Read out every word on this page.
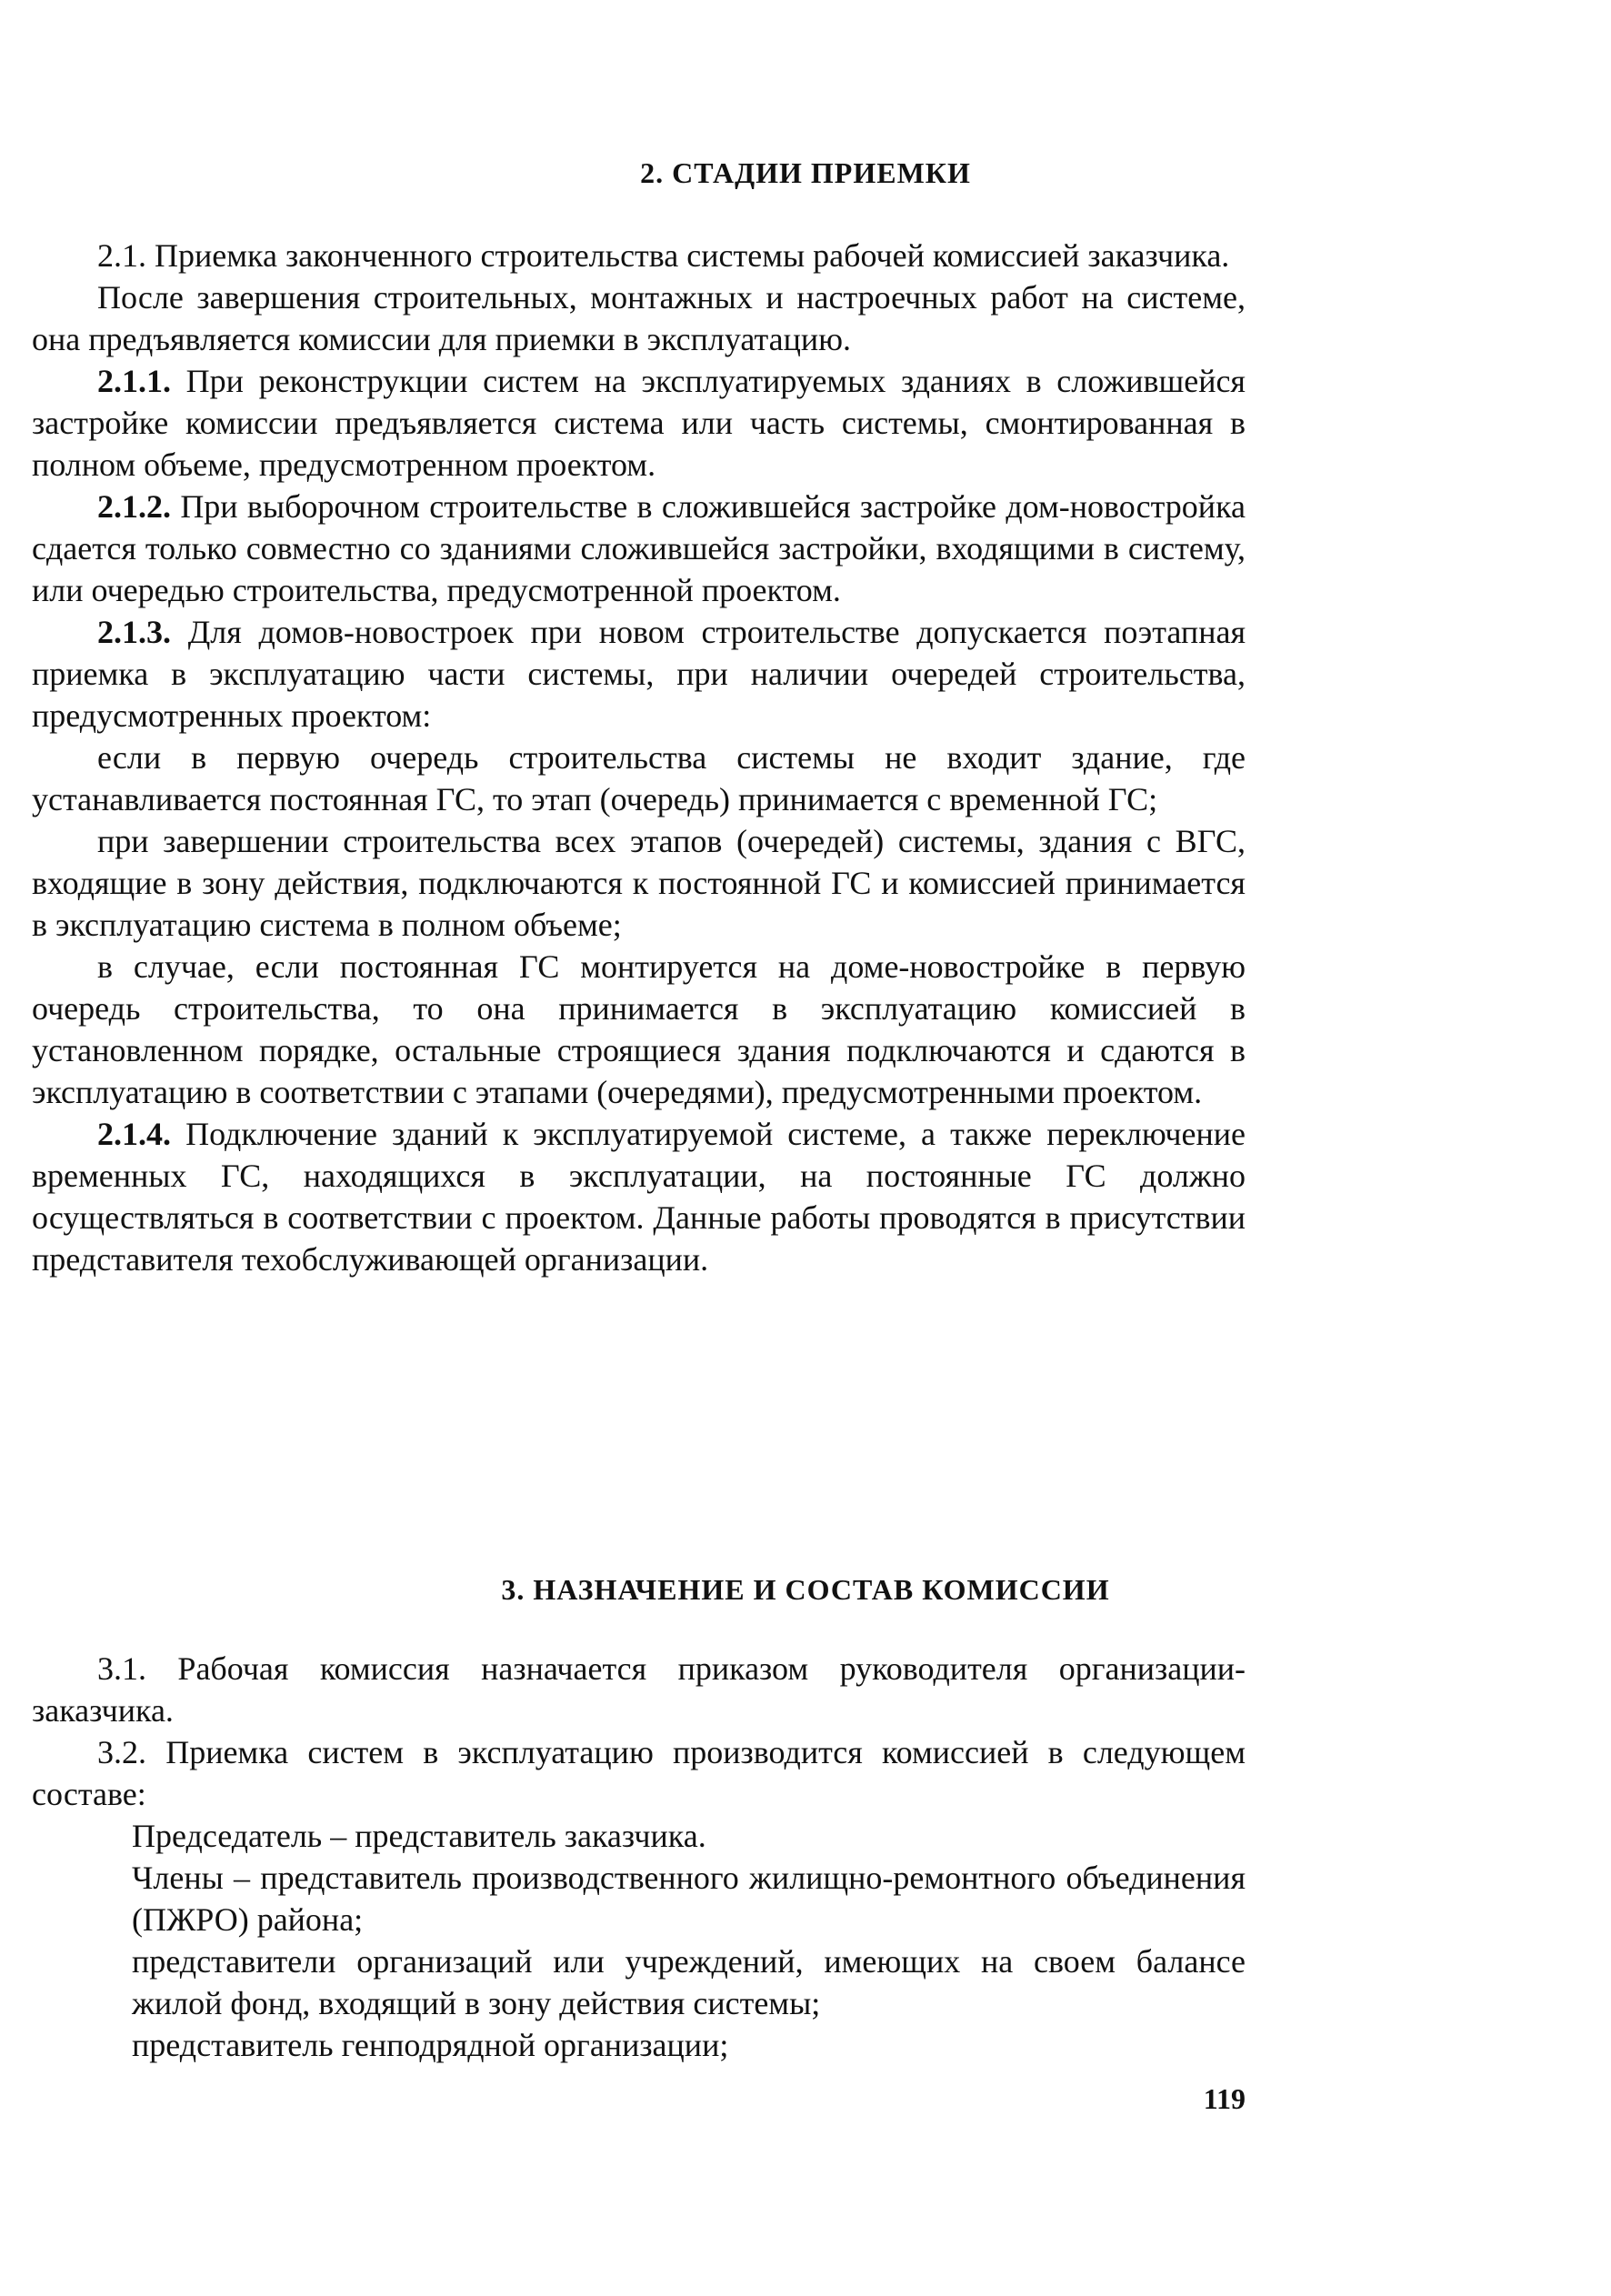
2. СТАДИИ ПРИЕМКИ

2.1. Приемка законченного строительства системы рабочей комиссией заказчика.

После завершения строительных, монтажных и настроечных работ на системе, она предъявляется комиссии для приемки в эксплуатацию.

2.1.1. При реконструкции систем на эксплуатируемых зданиях в сложившейся застройке комиссии предъявляется система или часть системы, смонтированная в полном объеме, предусмотренном проектом.

2.1.2. При выборочном строительстве в сложившейся застройке дом-новостройка сдается только совместно со зданиями сложившейся застройки, входящими в систему, или очередью строительства, предусмотренной проектом.

2.1.3. Для домов-новостроек при новом строительстве допускается поэтапная приемка в эксплуатацию части системы, при наличии очередей строительства, предусмотренных проектом:

если в первую очередь строительства системы не входит здание, где устанавливается постоянная ГС, то этап (очередь) принимается с временной ГС;

при завершении строительства всех этапов (очередей) системы, здания с ВГС, входящие в зону действия, подключаются к постоянной ГС и комиссией принимается в эксплуатацию система в полном объеме;

в случае, если постоянная ГС монтируется на доме-новостройке в первую очередь строительства, то она принимается в эксплуатацию комиссией в установленном порядке, остальные строящиеся здания подключаются и сдаются в эксплуатацию в соответствии с этапами (очередями), предусмотренными проектом.

2.1.4. Подключение зданий к эксплуатируемой системе, а также переключение временных ГС, находящихся в эксплуатации, на постоянные ГС должно осуществляться в соответствии с проектом. Данные работы проводятся в присутствии представителя техобслуживающей организации.

3. НАЗНАЧЕНИЕ И СОСТАВ КОМИССИИ

3.1. Рабочая комиссия назначается приказом руководителя организации-заказчика.

3.2. Приемка систем в эксплуатацию производится комиссией в следующем составе:

Председатель – представитель заказчика.

Члены – представитель производственного жилищно-ремонтного объединения (ПЖРО) района;

представители организаций или учреждений, имеющих на своем балансе жилой фонд, входящий в зону действия системы;

представитель генподрядной организации;

119
